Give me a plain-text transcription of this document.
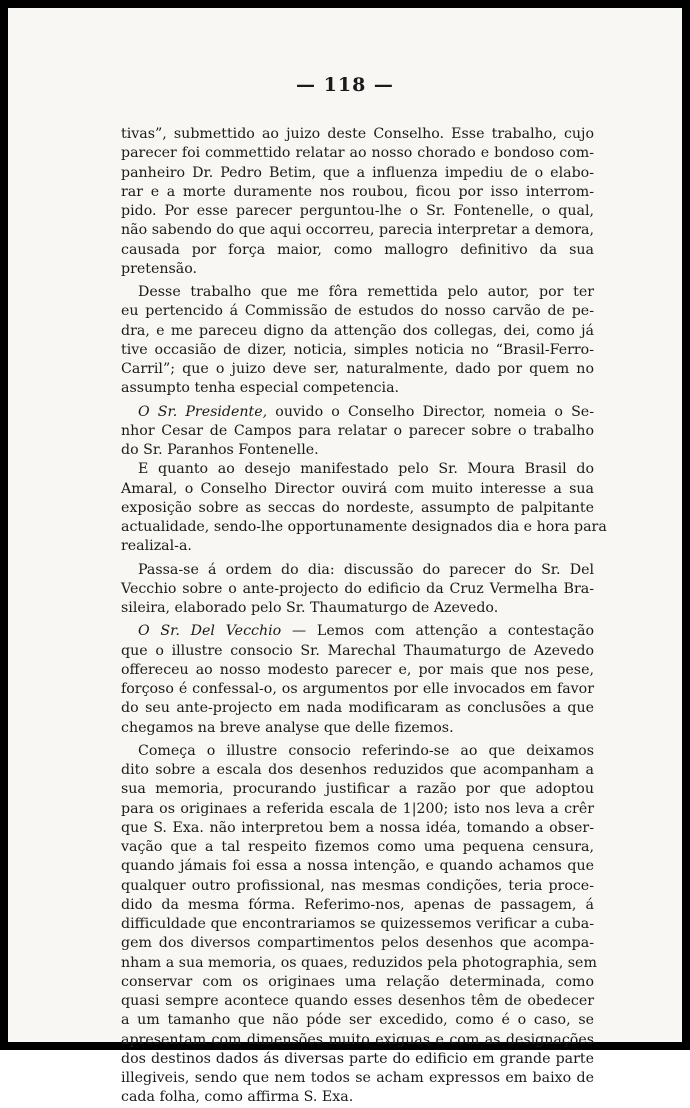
— 118 —
tivas”, submettido ao juizo deste Conselho. Esse trabalho, cujo
parecer foi commettido relatar ao nosso chorado e bondoso com-
panheiro Dr. Pedro Betim, que a influenza impediu de o elabo-
rar e a morte duramente nos roubou, ficou por isso interrom-
pido. Por esse parecer perguntou-lhe o Sr. Fontenelle, o qual,
não sabendo do que aqui occorreu, parecia interpretar a demora,
causada por força maior, como mallogro definitivo da sua
pretensão.
Desse trabalho que me fôra remettida pelo autor, por ter
eu pertencido á Commissão de estudos do nosso carvão de pe-
dra, e me pareceu digno da attenção dos collegas, dei, como já
tive occasião de dizer, noticia, simples noticia no “Brasil-Ferro-
Carril”; que o juizo deve ser, naturalmente, dado por quem no
assumpto tenha especial competencia.
O Sr. Presidente, ouvido o Conselho Director, nomeia o Se-
nhor Cesar de Campos para relatar o parecer sobre o trabalho
do Sr. Paranhos Fontenelle.
E quanto ao desejo manifestado pelo Sr. Moura Brasil do
Amaral, o Conselho Director ouvirá com muito interesse a sua
exposição sobre as seccas do nordeste, assumpto de palpitante
actualidade, sendo-lhe opportunamente designados dia e hora para
realizal-a.
Passa-se á ordem do dia: discussão do parecer do Sr. Del
Vecchio sobre o ante-projecto do edificio da Cruz Vermelha Bra-
sileira, elaborado pelo Sr. Thaumaturgo de Azevedo.
O Sr. Del Vecchio — Lemos com attenção a contestação
que o illustre consocio Sr. Marechal Thaumaturgo de Azevedo
offereceu ao nosso modesto parecer e, por mais que nos pese,
forçoso é confessal-o, os argumentos por elle invocados em favor
do seu ante-projecto em nada modificaram as conclusões a que
chegamos na breve analyse que delle fizemos.
Começa o illustre consocio referindo-se ao que deixamos
dito sobre a escala dos desenhos reduzidos que acompanham a
sua memoria, procurando justificar a razão por que adoptou
para os originaes a referida escala de 1|200; isto nos leva a crêr
que S. Exa. não interpretou bem a nossa idéa, tomando a obser-
vação que a tal respeito fizemos como uma pequena censura,
quando jámais foi essa a nossa intenção, e quando achamos que
qualquer outro profissional, nas mesmas condições, teria proce-
dido da mesma fórma. Referimo-nos, apenas de passagem, á
difficuldade que encontrariamos se quizessemos verificar a cuba-
gem dos diversos compartimentos pelos desenhos que acompa-
nham a sua memoria, os quaes, reduzidos pela photographia, sem
conservar com os originaes uma relação determinada, como
quasi sempre acontece quando esses desenhos têm de obedecer
a um tamanho que não póde ser excedido, como é o caso, se
apresentam com dimensões muito exiguas e com as designações
dos destinos dados ás diversas parte do edificio em grande parte
illegiveis, sendo que nem todos se acham expressos em baixo de
cada folha, como affirma S. Exa.
